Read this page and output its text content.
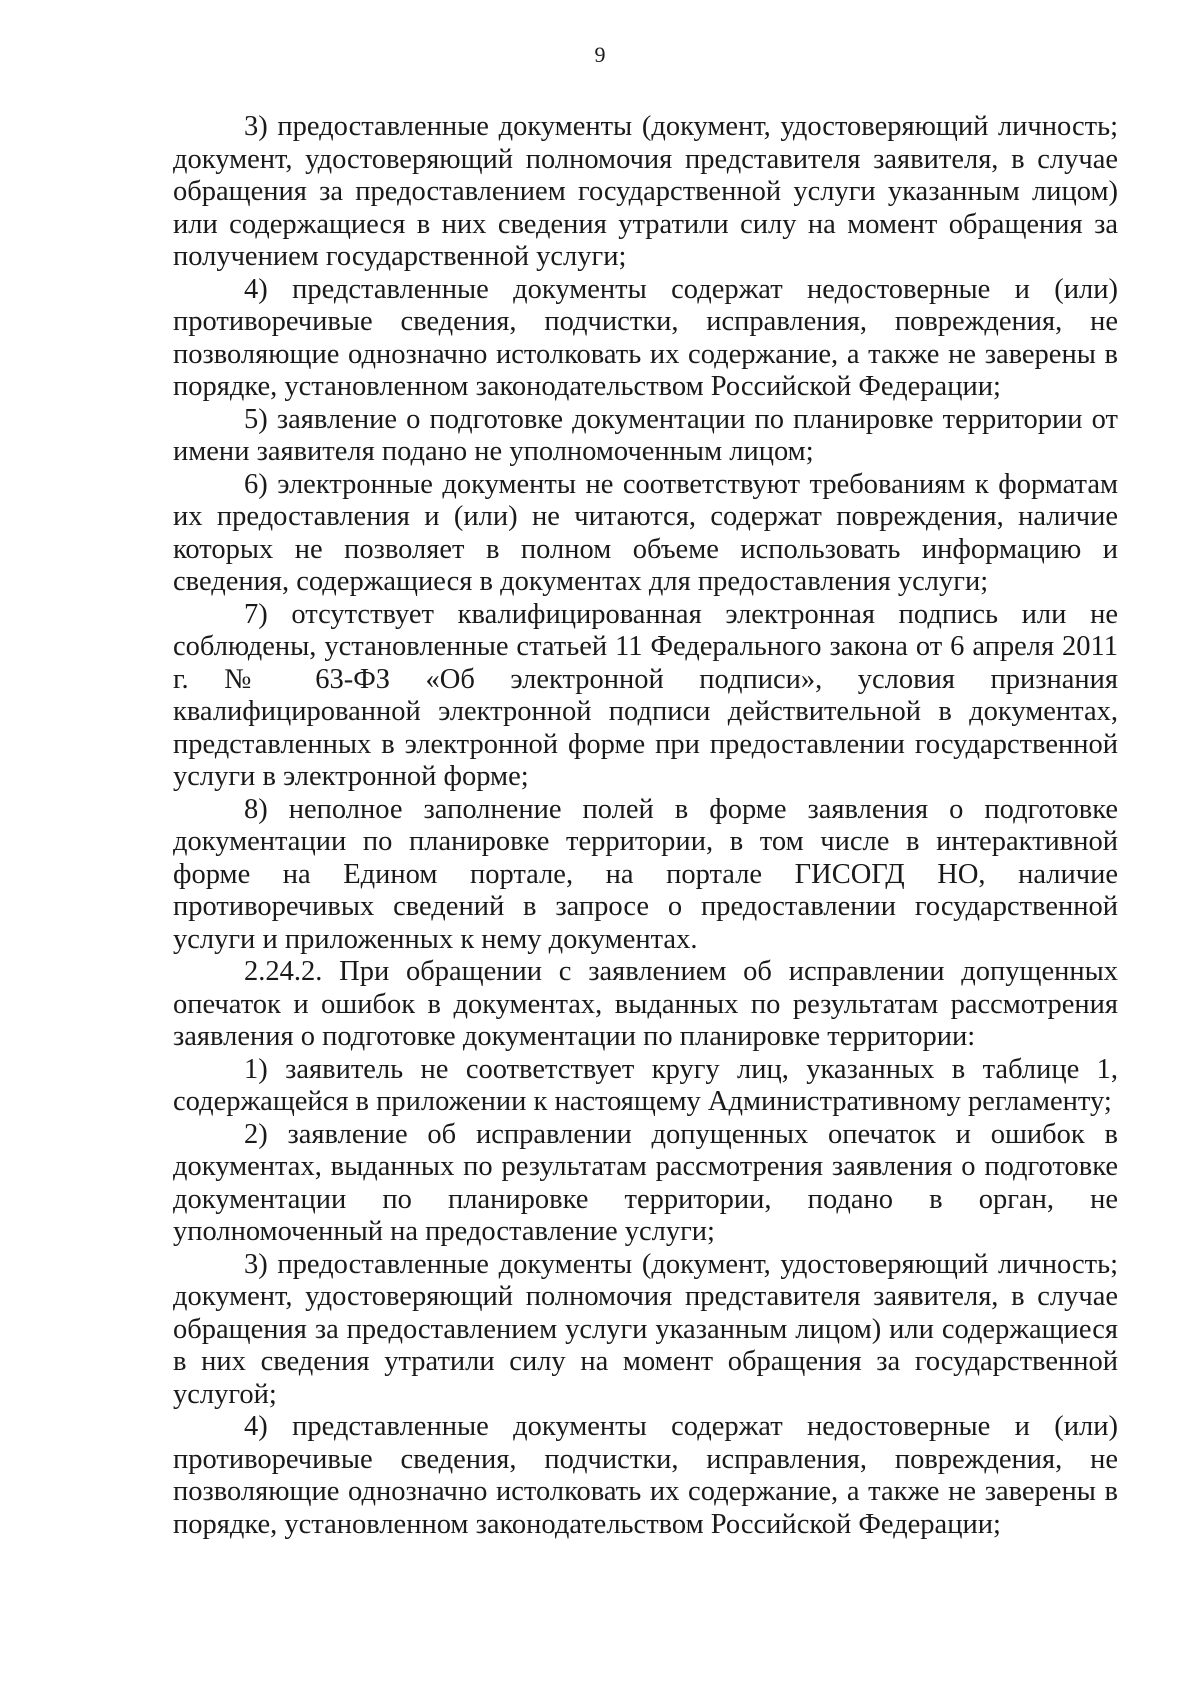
9

3) предоставленные документы (документ, удостоверяющий личность; документ, удостоверяющий полномочия представителя заявителя, в случае обращения за предоставлением государственной услуги указанным лицом) или содержащиеся в них сведения утратили силу на момент обращения за получением государственной услуги;

4) представленные документы содержат недостоверные и (или) противоречивые сведения, подчистки, исправления, повреждения, не позволяющие однозначно истолковать их содержание, а также не заверены в порядке, установленном законодательством Российской Федерации;

5) заявление о подготовке документации по планировке территории от имени заявителя подано не уполномоченным лицом;

6) электронные документы не соответствуют требованиям к форматам их предоставления и (или) не читаются, содержат повреждения, наличие которых не позволяет в полном объеме использовать информацию и сведения, содержащиеся в документах для предоставления услуги;

7) отсутствует квалифицированная электронная подпись или не соблюдены, установленные статьей 11 Федерального закона от 6 апреля 2011 г. № 63-ФЗ «Об электронной подписи», условия признания квалифицированной электронной подписи действительной в документах, представленных в электронной форме при предоставлении государственной услуги в электронной форме;

8) неполное заполнение полей в форме заявления о подготовке документации по планировке территории, в том числе в интерактивной форме на Едином портале, на портале ГИСОГД НО, наличие противоречивых сведений в запросе о предоставлении государственной услуги и приложенных к нему документах.

2.24.2. При обращении с заявлением об исправлении допущенных опечаток и ошибок в документах, выданных по результатам рассмотрения заявления о подготовке документации по планировке территории:

1) заявитель не соответствует кругу лиц, указанных в таблице 1, содержащейся в приложении к настоящему Административному регламенту;

2) заявление об исправлении допущенных опечаток и ошибок в документах, выданных по результатам рассмотрения заявления о подготовке документации по планировке территории, подано в орган, не уполномоченный на предоставление услуги;

3) предоставленные документы (документ, удостоверяющий личность; документ, удостоверяющий полномочия представителя заявителя, в случае обращения за предоставлением услуги указанным лицом) или содержащиеся в них сведения утратили силу на момент обращения за государственной услугой;

4) представленные документы содержат недостоверные и (или) противоречивые сведения, подчистки, исправления, повреждения, не позволяющие однозначно истолковать их содержание, а также не заверены в порядке, установленном законодательством Российской Федерации;
